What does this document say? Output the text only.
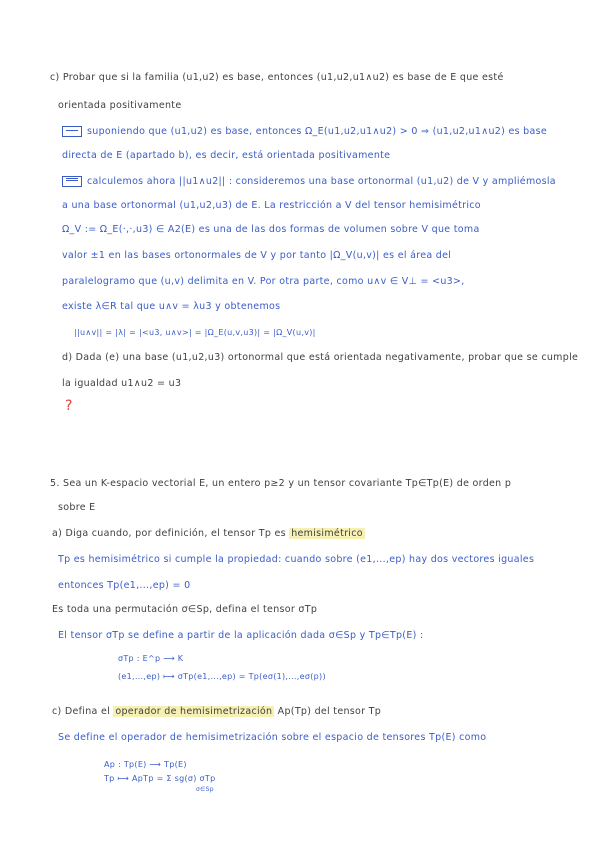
c) Probar que si la familia (u1,u2) es base, entonces (u1,u2,u1∧u2) es base de E que esté
orientada positivamente
suponiendo que (u1,u2) es base, entonces Ω_E(u1,u2,u1∧u2) > 0 ⇒ (u1,u2,u1∧u2) es base
directa de E (apartado b), es decir, está orientada positivamente
calculemos ahora ||u1∧u2|| : consideremos una base ortonormal (u1,u2) de V y ampliémosla
a una base ortonormal (u1,u2,u3) de E. La restricción a V del tensor hemisimétrico
Ω_V := Ω_E(·,·,u3) ∈ A2(E) es una de las dos formas de volumen sobre V que toma
valor ±1 en las bases ortonormales de V y por tanto |Ω_V(u,v)| es el área del
paralelogramo que (u,v) delimita en V. Por otra parte, como u∧v ∈ V⊥ = <u3>,
existe λ∈R tal que u∧v = λu3 y obtenemos
||u∧v|| = |λ| = |<u3, u∧v>| = |Ω_E(u,v,u3)| = |Ω_V(u,v)|
d) Dada (e) una base (u1,u2,u3) ortonormal que está orientada negativamente, probar que se cumple
la igualdad u1∧u2 = u3
?
5. Sea un K-espacio vectorial E, un entero p≥2 y un tensor covariante Tp∈Tp(E) de orden p
sobre E
a) Diga cuando, por definición, el tensor Tp es hemisimétrico
Tp es hemisimétrico si cumple la propiedad: cuando sobre (e1,...,ep) hay dos vectores iguales
entonces Tp(e1,...,ep) = 0
Es toda una permutación σ∈Sp, defina el tensor σTp
El tensor σTp se define a partir de la aplicación dada σ∈Sp y Tp∈Tp(E) :
σTp : E^p ⟶ K
(e1,...,ep) ⟼ σTp(e1,...,ep) = Tp(eσ(1),...,eσ(p))
c) Defina el operador de hemisimetrización Ap(Tp) del tensor Tp
Se define el operador de hemisimetrización sobre el espacio de tensores Tp(E) como
Ap : Tp(E) ⟶ Tp(E)
Tp ⟼ ApTp = Σ sg(σ) σTp
σ∈Sp
